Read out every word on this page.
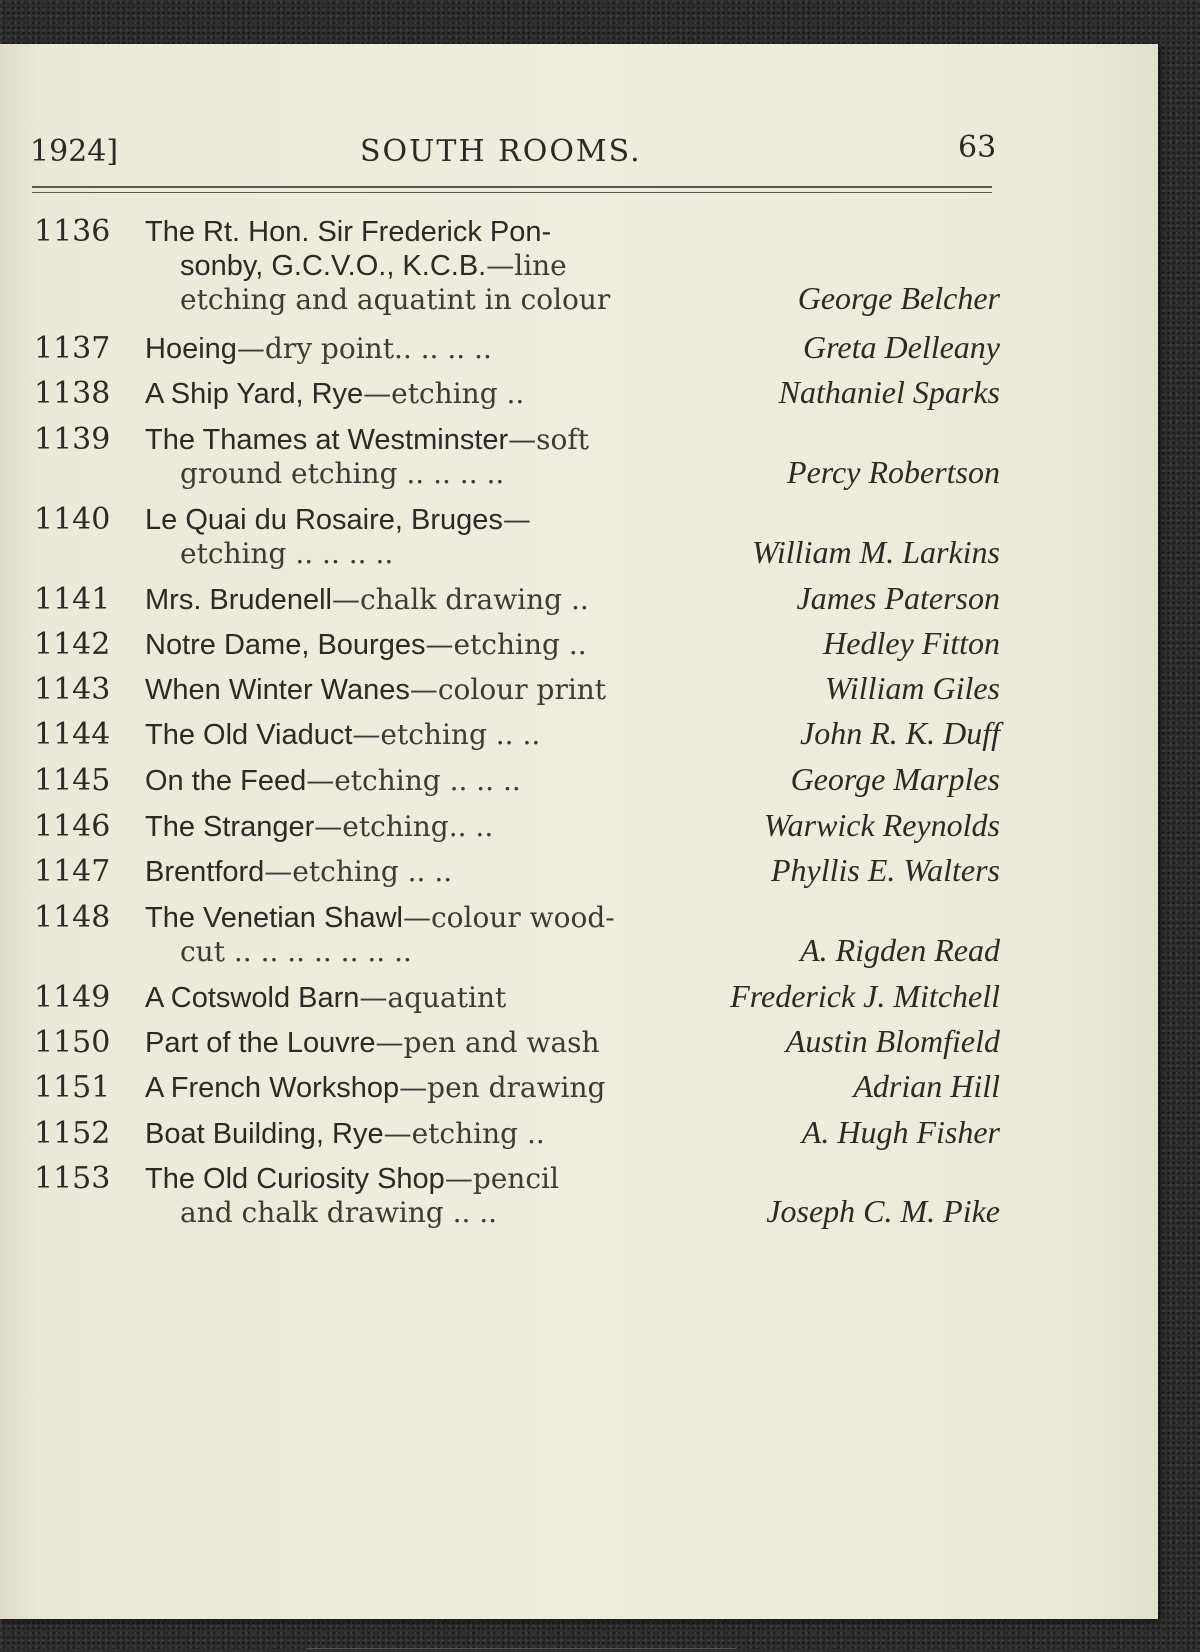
1924]	SOUTH ROOMS.	63
1136 The Rt. Hon. Sir Frederick Pon-
sonby, G.C.V.O., K.C.B.—line
etching and aquatint in colour	George Belcher
1137 Hoeing—dry point.. .. .. ..	Greta Delleany
1138 A Ship Yard, Rye—etching ..	Nathaniel Sparks
1139 The Thames at Westminster—soft
ground etching .. .. .. ..	Percy Robertson
1140 Le Quai du Rosaire, Bruges—
etching .. .. .. ..	William M. Larkins
1141 Mrs. Brudenell—chalk drawing ..	James Paterson
1142 Notre Dame, Bourges—etching ..	Hedley Fitton
1143 When Winter Wanes—colour print	William Giles
1144 The Old Viaduct—etching .. ..	John R. K. Duff
1145 On the Feed—etching .. .. ..	George Marples
1146 The Stranger—etching.. ..	Warwick Reynolds
1147 Brentford—etching .. ..	Phyllis E. Walters
1148 The Venetian Shawl—colour wood-
cut .. .. .. .. .. .. ..	A. Rigden Read
1149 A Cotswold Barn—aquatint	Frederick J. Mitchell
1150 Part of the Louvre—pen and wash	Austin Blomfield
1151 A French Workshop—pen drawing	Adrian Hill
1152 Boat Building, Rye—etching ..	A. Hugh Fisher
1153 The Old Curiosity Shop—pencil
and chalk drawing .. ..	Joseph C. M. Pike
